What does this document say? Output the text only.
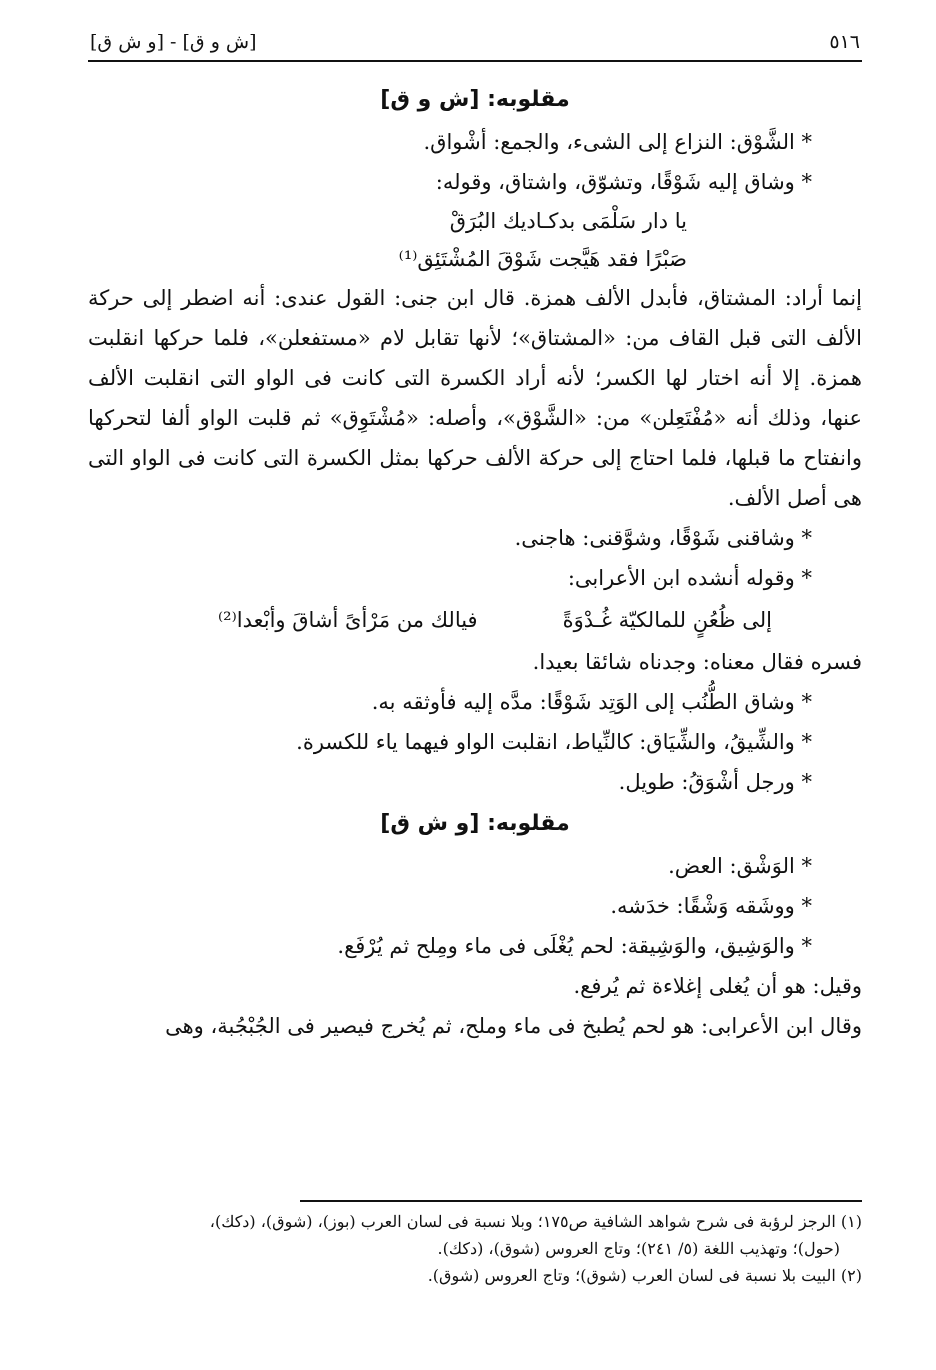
٥١٦
[ش و ق] - [و ش ق]

مقلوبه: [ش و ق]

* الشَّوْق: النزاع إلى الشىء، والجمع: أشْواق.

* وشاق إليه شَوْقًا، وتشوّق، واشتاق، وقوله:

يا دار سَلْمَى بدكـاديك البُرَقْ

صَبْرًا فقد هَيَّجت شَوْقَ المُشْتَئِق⁽¹⁾

إنما أراد: المشتاق، فأبدل الألف همزة. قال ابن جنى: القول عندى: أنه اضطر إلى حركة الألف التى قبل القاف من: «المشتاق»؛ لأنها تقابل لام «مستفعلن»، فلما حركها انقلبت همزة. إلا أنه اختار لها الكسر؛ لأنه أراد الكسرة التى كانت فى الواو التى انقلبت الألف عنها، وذلك أنه «مُفْتَعِلن» من: «الشَّوْق»، وأصله: «مُشْتَوِق» ثم قلبت الواو ألفا لتحركها وانفتاح ما قبلها، فلما احتاج إلى حركة الألف حركها بمثل الكسرة التى كانت فى الواو التى هى أصل الألف.

* وشاقنى شَوْقًا، وشوَّقنى: هاجنى.

* وقوله أنشده ابن الأعرابى:

إلى ظُعُنٍ للمالكيّة غُـدْوَةً
فيالك من مَرْأىً أشاقَ وأبْعدا⁽²⁾

فسره فقال معناه: وجدناه شائقا بعيدا.

* وشاق الطُّنُب إلى الوَتِد شَوْقًا: مدَّه إليه فأوثقه به.

* والشِّيقُ، والشِّيَاق: كالنِّياط، انقلبت الواو فيهما ياء للكسرة.

* ورجل أشْوَقُ: طويل.

مقلوبه: [و ش ق]

* الوَشْق: العض.

* ووشَقه وَشْقًا: خدَشه.

* والوَشِيق، والوَشِيقة: لحم يُغْلَى فى ماء ومِلح ثم يُرْفَع.

وقيل: هو أن يُغلى إغلاءة ثم يُرفع.

وقال ابن الأعرابى: هو لحم يُطبخ فى ماء وملح، ثم يُخرج فيصير فى الجُبْجُبة، وهى

(١) الرجز لرؤبة فى شرح شواهد الشافية ص١٧٥؛ وبلا نسبة فى لسان العرب (بوز)، (شوق)، (دكك)،

(حول)؛ وتهذيب اللغة (٥/ ٢٤١)؛ وتاج العروس (شوق)، (دكك).

(٢) البيت بلا نسبة فى لسان العرب (شوق)؛ وتاج العروس (شوق).
